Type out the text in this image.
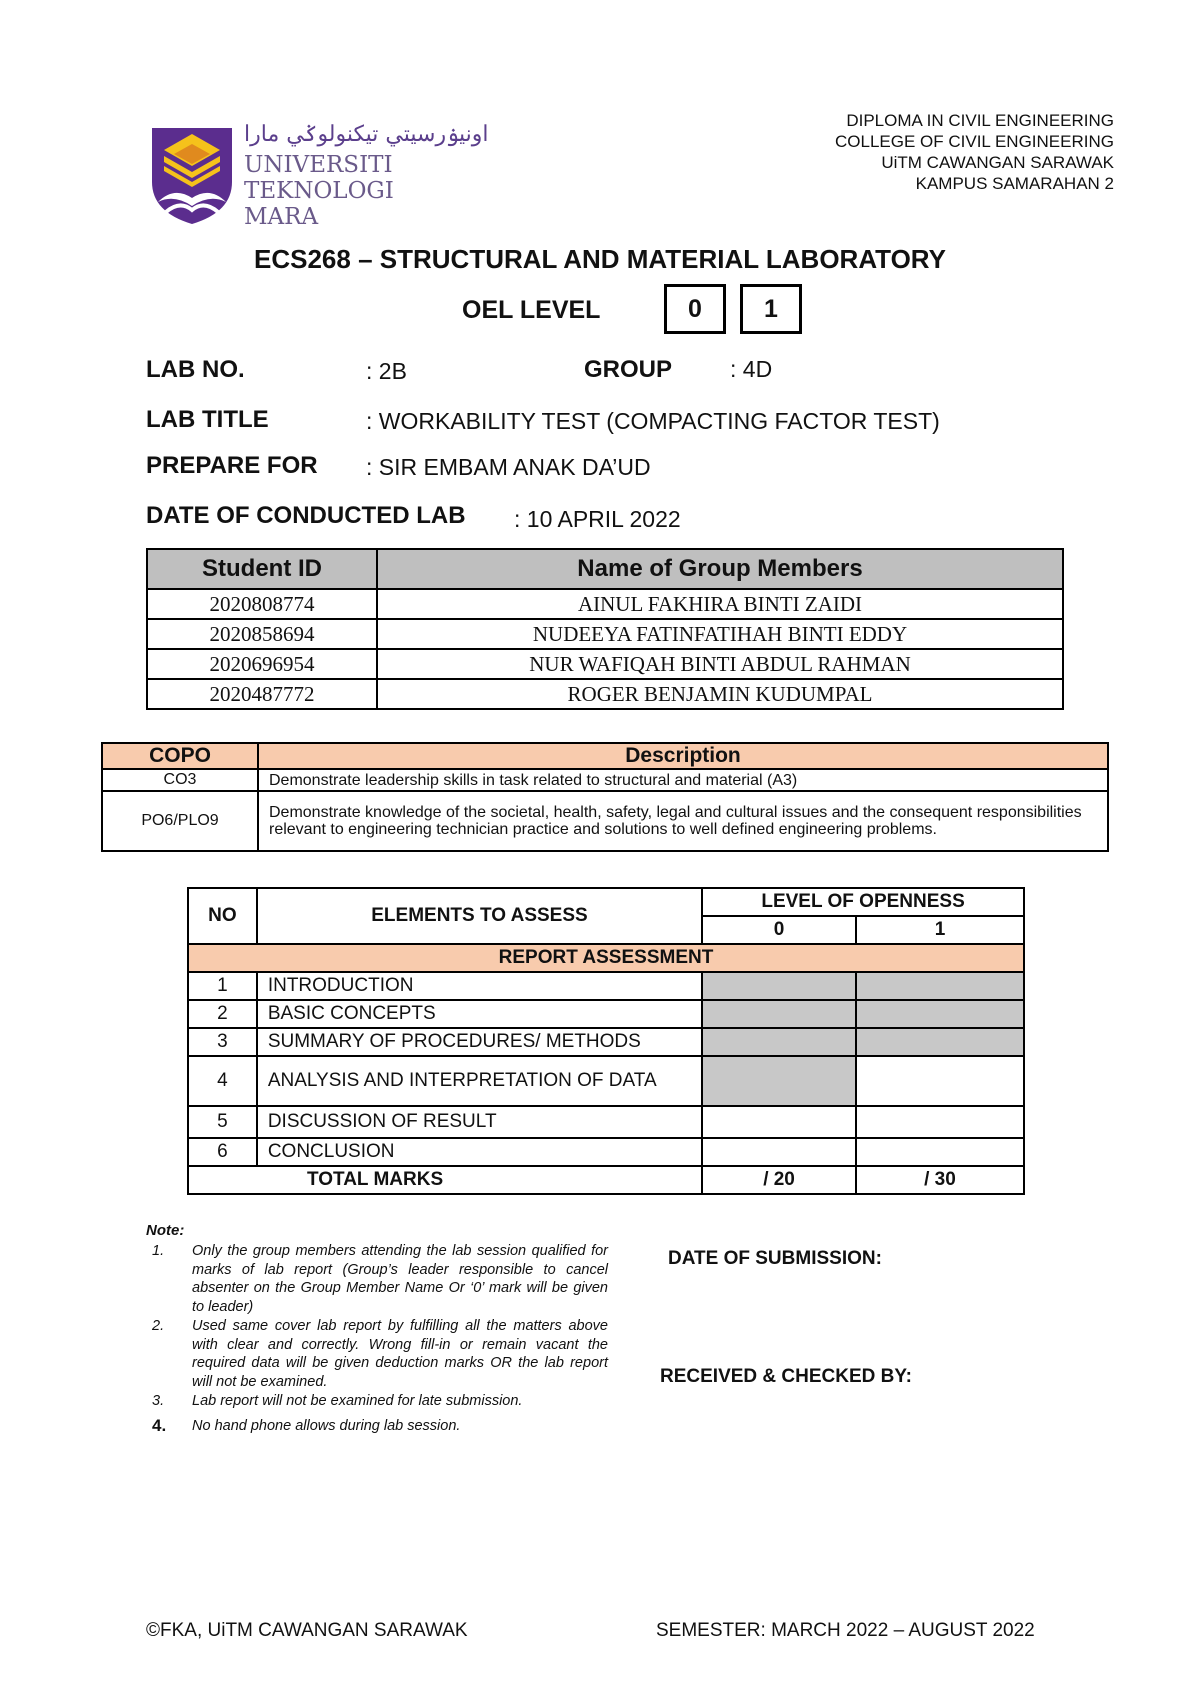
اونيۏرسيتي تيكنولوݢي مارا
UNIVERSITI
TEKNOLOGI
MARA
DIPLOMA IN CIVIL ENGINEERING
COLLEGE OF CIVIL ENGINEERING
UiTM CAWANGAN SARAWAK
KAMPUS SAMARAHAN 2
ECS268 – STRUCTURAL AND MATERIAL LABORATORY
OEL LEVEL	0	1
LAB NO.	: 2B	GROUP	: 4D
LAB TITLE	: WORKABILITY TEST (COMPACTING FACTOR TEST)
PREPARE FOR : SIR EMBAM ANAK DA’UD
DATE OF CONDUCTED LAB : 10 APRIL 2022
Student ID	Name of Group Members
2020808774	AINUL FAKHIRA BINTI ZAIDI
2020858694	NUDEEYA FATINFATIHAH BINTI EDDY
2020696954	NUR WAFIQAH BINTI ABDUL RAHMAN
2020487772	ROGER BENJAMIN KUDUMPAL
COPO	Description
CO3	Demonstrate leadership skills in task related to structural and material (A3)
PO6/PLO9	Demonstrate knowledge of the societal, health, safety, legal and cultural issues and the consequent responsibilities relevant to engineering technician practice and solutions to well defined engineering problems.
NO	ELEMENTS TO ASSESS	LEVEL OF OPENNESS	
		0	1
REPORT ASSESSMENT			
1	INTRODUCTION		
2	BASIC CONCEPTS		
3	SUMMARY OF PROCEDURES/ METHODS		
4	ANALYSIS AND INTERPRETATION OF DATA		
5	DISCUSSION OF RESULT		
6	CONCLUSION		
TOTAL MARKS		/ 20	/ 30
Note:
1.	Only the group members attending the lab session qualified for marks of lab report (Group’s leader responsible to cancel absenter on the Group Member Name Or ‘0’ mark will be given to leader)
2.	Used same cover lab report by fulfilling all the matters above with clear and correctly. Wrong fill-in or remain vacant the required data will be given deduction marks OR the lab report will not be examined.
3.	Lab report will not be examined for late submission.
4.	No hand phone allows during lab session.
DATE OF SUBMISSION:
RECEIVED & CHECKED BY:
©FKA, UiTM CAWANGAN SARAWAK	SEMESTER: MARCH 2022 – AUGUST 2022
